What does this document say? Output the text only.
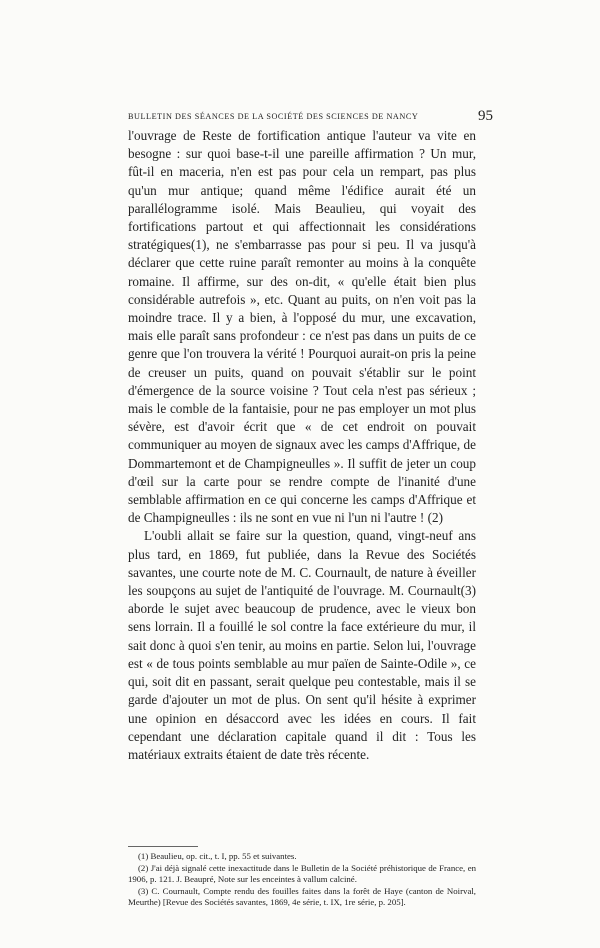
BULLETIN DES SÉANCES DE LA SOCIÉTÉ DES SCIENCES DE NANCY	95

l'ouvrage de Reste de fortification antique l'auteur va vite en besogne : sur quoi base-t-il une pareille affirmation ? Un mur, fût-il en maceria, n'en est pas pour cela un rempart, pas plus qu'un mur antique; quand même l'édifice aurait été un parallélogramme isolé. Mais Beaulieu, qui voyait des fortifications partout et qui affectionnait les considérations stratégiques(1), ne s'embarrasse pas pour si peu. Il va jusqu'à déclarer que cette ruine paraît remonter au moins à la conquête romaine. Il affirme, sur des on-dit, « qu'elle était bien plus considérable autrefois », etc. Quant au puits, on n'en voit pas la moindre trace. Il y a bien, à l'opposé du mur, une excavation, mais elle paraît sans profondeur : ce n'est pas dans un puits de ce genre que l'on trouvera la vérité ! Pourquoi aurait-on pris la peine de creuser un puits, quand on pouvait s'établir sur le point d'émergence de la source voisine ? Tout cela n'est pas sérieux ; mais le comble de la fantaisie, pour ne pas employer un mot plus sévère, est d'avoir écrit que « de cet endroit on pouvait communiquer au moyen de signaux avec les camps d'Affrique, de Dommartemont et de Champigneulles ». Il suffit de jeter un coup d'œil sur la carte pour se rendre compte de l'inanité d'une semblable affirmation en ce qui concerne les camps d'Affrique et de Champigneulles : ils ne sont en vue ni l'un ni l'autre ! (2)

L'oubli allait se faire sur la question, quand, vingt-neuf ans plus tard, en 1869, fut publiée, dans la Revue des Sociétés savantes, une courte note de M. C. Cournault, de nature à éveiller les soupçons au sujet de l'antiquité de l'ouvrage. M. Cournault(3) aborde le sujet avec beaucoup de prudence, avec le vieux bon sens lorrain. Il a fouillé le sol contre la face extérieure du mur, il sait donc à quoi s'en tenir, au moins en partie. Selon lui, l'ouvrage est « de tous points semblable au mur païen de Sainte-Odile », ce qui, soit dit en passant, serait quelque peu contestable, mais il se garde d'ajouter un mot de plus. On sent qu'il hésite à exprimer une opinion en désaccord avec les idées en cours. Il fait cependant une déclaration capitale quand il dit : Tous les matériaux extraits étaient de date très récente.

(1) Beaulieu, op. cit., t. I, pp. 55 et suivantes.

(2) J'ai déjà signalé cette inexactitude dans le Bulletin de la Société préhistorique de France, en 1906, p. 121. J. Beaupré, Note sur les enceintes à vallum calciné.

(3) C. Cournault, Compte rendu des fouilles faites dans la forêt de Haye (canton de Noirval, Meurthe) [Revue des Sociétés savantes, 1869, 4e série, t. IX, 1re série, p. 205].
